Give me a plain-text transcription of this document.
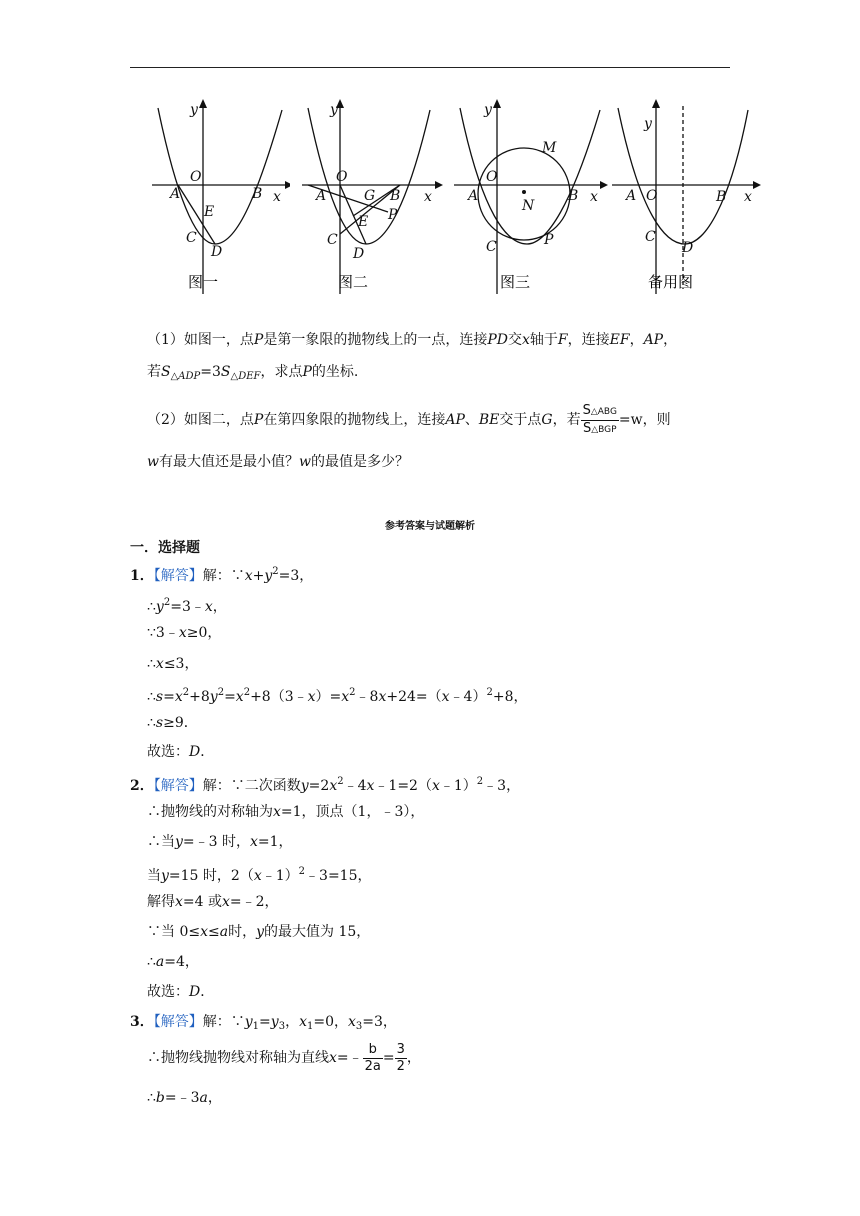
y
O
A	B x
E
C
D
图一
y
O
A	G B x
E P
C
D
图二
y
M
O
A
N
B x
C	P
图三
y
A O	B x
C
D
备用图
（1）如图一，点P是第一象限的抛物线上的一点，连接PD交x轴于F，连接EF，AP，
若$S_{\triangle ADP}=3S_{\triangle DEF}$，求点P的坐标.
（2）如图二，点P在第四象限的抛物线上，连接AP、BE交于点G，若 $\frac{\text{S△ABG}}{\text{S△BGP}} =w$，则
w有最大值还是最小值？w的最值是多少？
参考答案与试题解析
一．选择题
1．【解答】解：$\because x+y^2=3$，
$\therefore y^2=3﹣x$，
∵3﹣x≥0，
∴x≤3，
$\therefore s=x^2+8y^2=x^2+8(3﹣x)=x^2﹣8x+24=(x﹣4)^2+8$，
∴s≥9．
故选：D．
2．【解答】解：∵二次函数$y=2x^2﹣4x﹣1=2(x﹣1)^2﹣3$，
∴抛物线的对称轴为x=1，顶点（1，﹣3），
∴当y=﹣3 时，x=1，
当y=15 时，2（x﹣1）$^2$﹣3=15，
解得x=4 或x=﹣2，
∵当 0≤x≤a时，y的最大值为 15，
∴a=4，
故选：D．
3．【解答】解：$\because y_1=y_3$，$x_1=0$，$x_3=3$，
∴抛物线抛物线对称轴为直线x=﹣ $\frac{b}{2a} = \frac{3}{2}$ ，
∴b=﹣3a，
